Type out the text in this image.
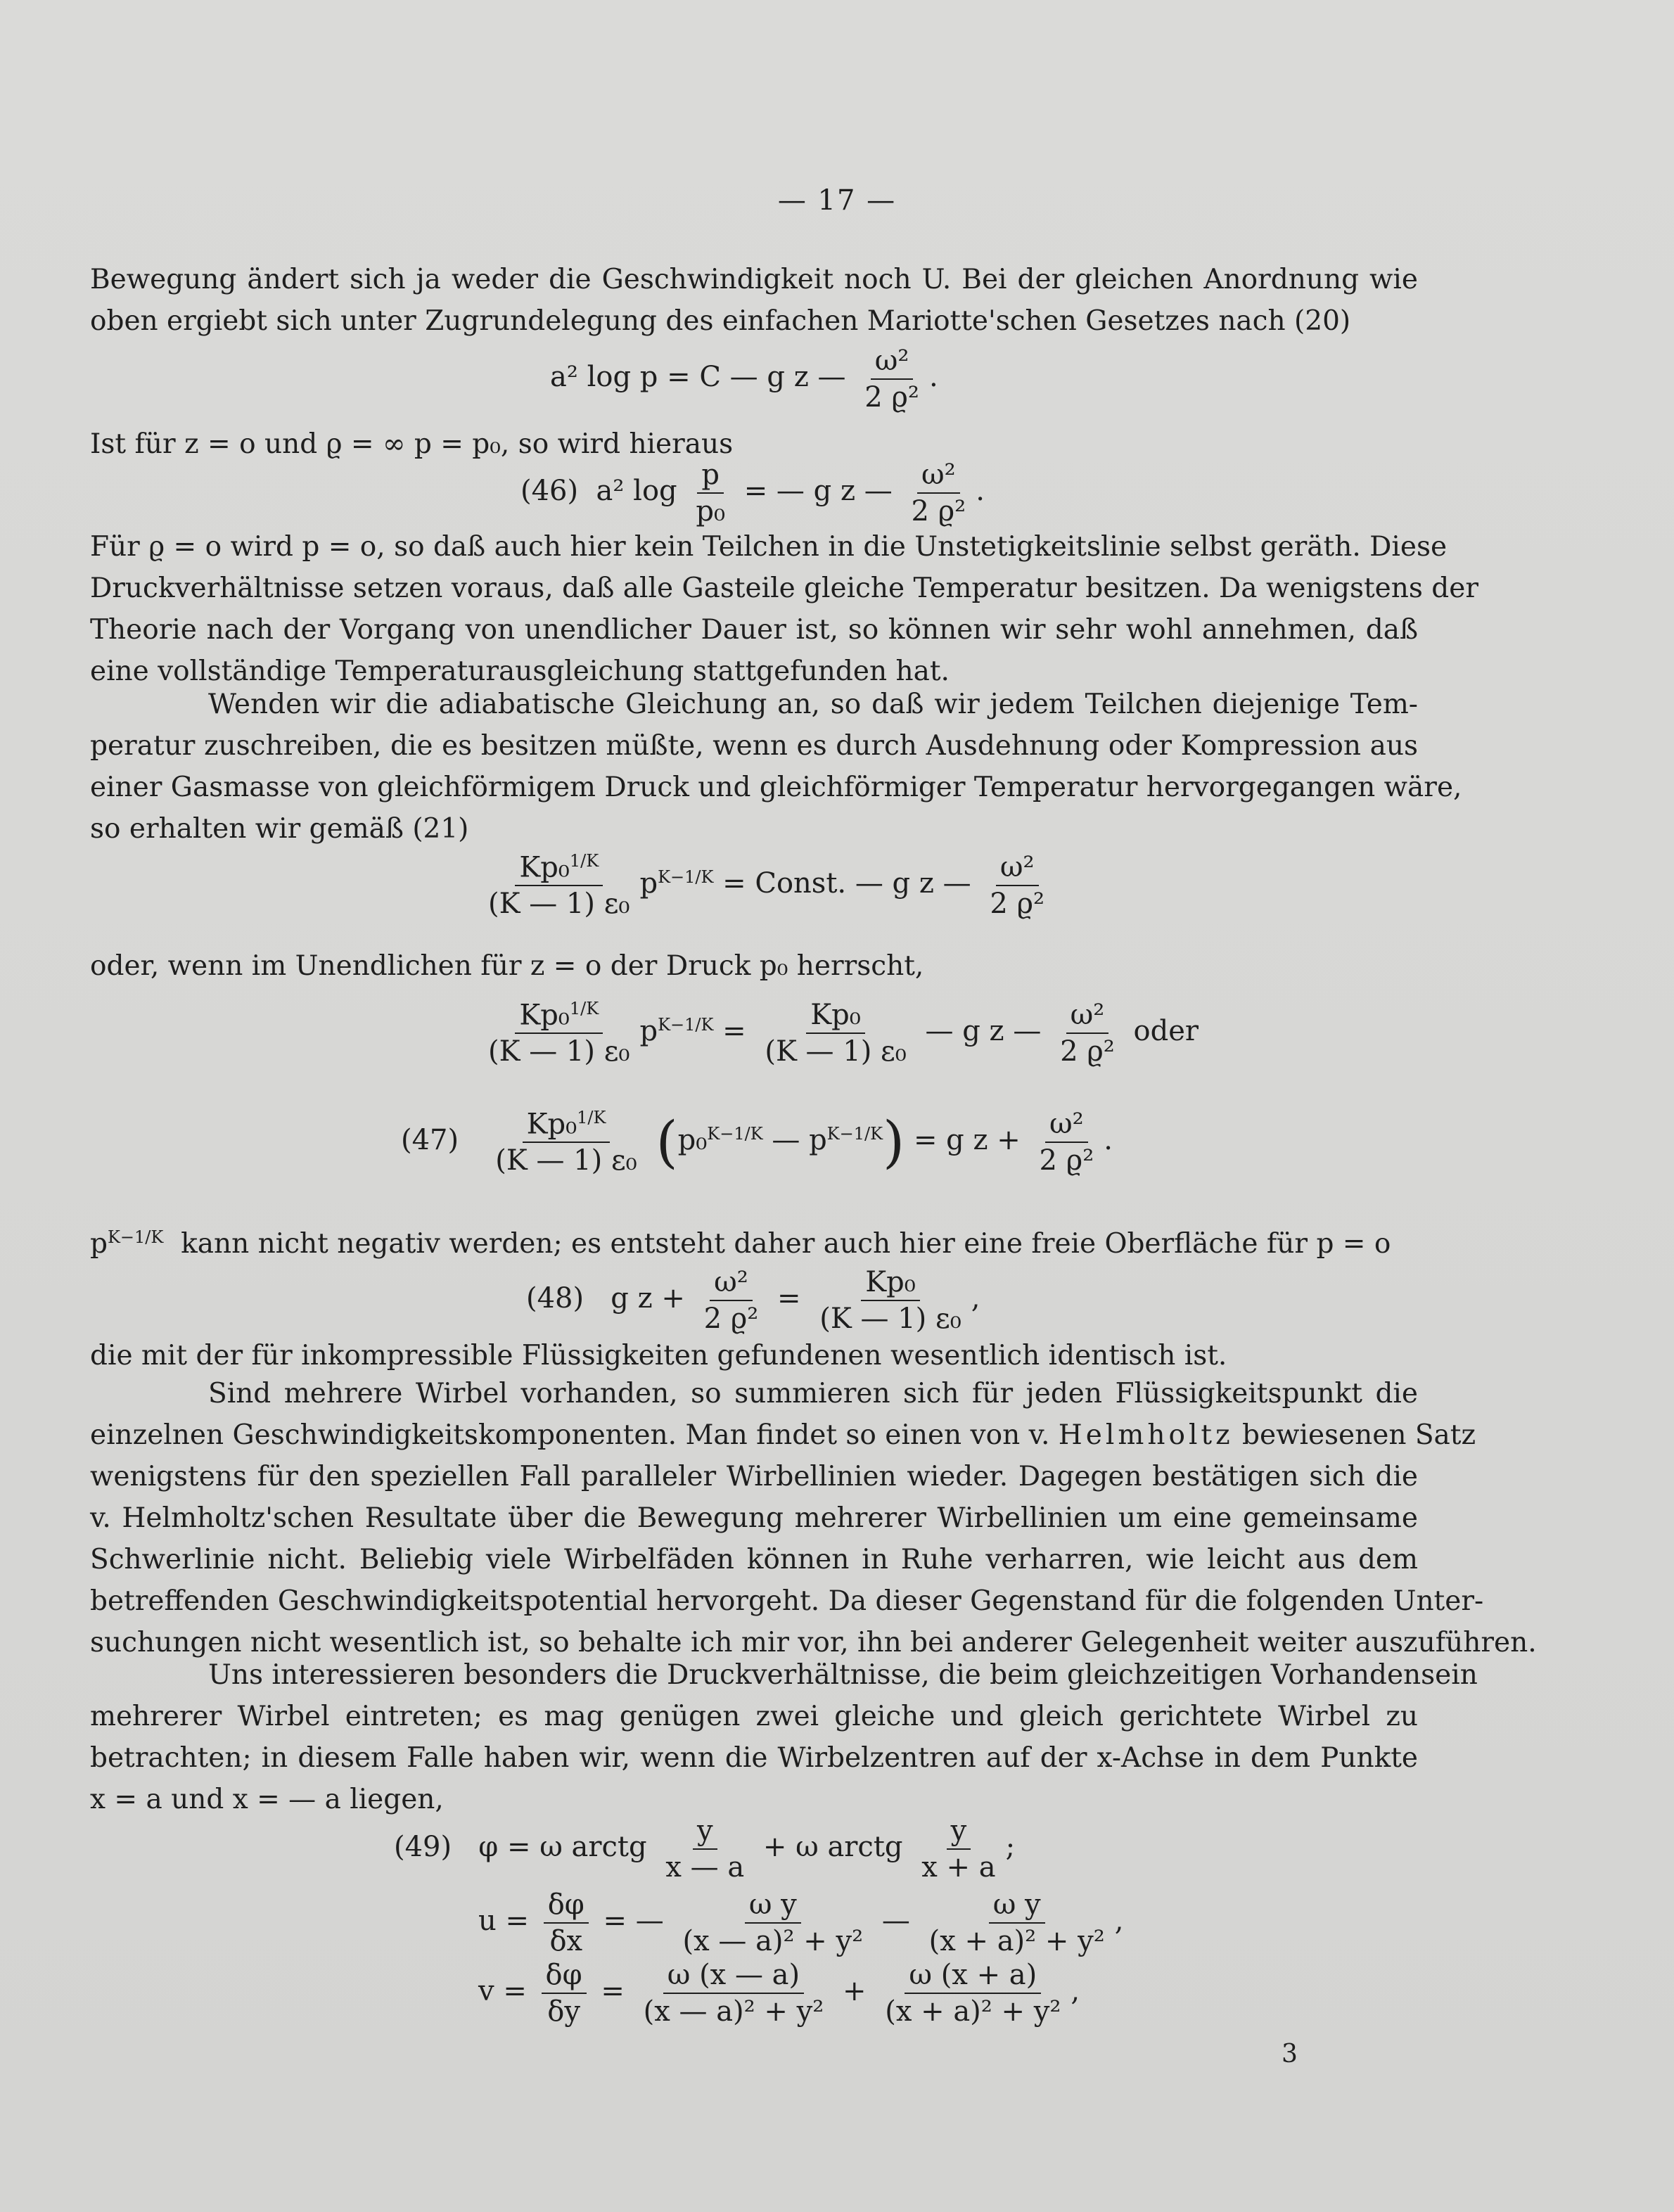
— 17 —
Bewegung ändert sich ja weder die Geschwindigkeit noch U. Bei der gleichen Anordnung wie
oben ergiebt sich unter Zugrundelegung des einfachen Mariotte'schen Gesetzes nach (20)
a² log p = C — g z — $\frac{\text{ω²}}{\text{2 ϱ²}}$ .
Ist für z = o und ϱ = ∞ p = p₀, so wird hieraus
(46) a² $\log \frac{p}{\text{p₀}}$ = — g z — $\frac{\text{ω²}}{\text{2 ϱ²}}$ .
Für ϱ = o wird p = o, so daß auch hier kein Teilchen in die Unstetigkeitslinie selbst geräth. Diese
Druckverhältnisse setzen voraus, daß alle Gasteile gleiche Temperatur besitzen. Da wenigstens der
Theorie nach der Vorgang von unendlicher Dauer ist, so können wir sehr wohl annehmen, daß
eine vollständige Temperaturausgleichung stattgefunden hat.
Wenden wir die adiabatische Gleichung an, so daß wir jedem Teilchen diejenige Tem-
peratur zuschreiben, die es besitzen müßte, wenn es durch Ausdehnung oder Kompression aus
einer Gasmasse von gleichförmigem Druck und gleichförmiger Temperatur hervorgegangen wäre,
so erhalten wir gemäß (21)
$\frac{Kp_0^{1/K}}{\text{(K — 1) ε₀}} p^{K-1/K}$ = Const. — g z — $\frac{\text{ω²}}{\text{2 ϱ²}}$
oder, wenn im Unendlichen für z = o der Druck p₀ herrscht,
$\frac{Kp_0^{1/K}}{\text{(K — 1) ε₀}} p^{K-1/K} = \frac{\text{Kp₀}}{\text{(K — 1) ε₀}}$ — g z — $\frac{\text{ω²}}{\text{2 ϱ²}}$ oder
$(47) \frac{Kp_0^{1/K}}{\text{(K — 1) ε₀}} (p_0^{K-1/K}$ — $p^{K-1/K}) = g$ $z + \frac{\text{ω²}}{\text{2 ϱ²}}$ .
$p^{K-1/K}$ kann nicht negativ werden; es entsteht daher auch hier eine freie Oberfläche für p = o
(48) g $z + \frac{\text{ω²}}{\text{2 ϱ²}} = \frac{\text{Kp₀}}{\text{(K — 1) ε₀}}$ ,
die mit der für inkompressible Flüssigkeiten gefundenen wesentlich identisch ist.
Sind mehrere Wirbel vorhanden, so summieren sich für jeden Flüssigkeitspunkt die
einzelnen Geschwindigkeitskomponenten. Man findet so einen von v. Helmholtz bewiesenen Satz
wenigstens für den speziellen Fall paralleler Wirbellinien wieder. Dagegen bestätigen sich die
v. Helmholtz'schen Resultate über die Bewegung mehrerer Wirbellinien um eine gemeinsame
Schwerlinie nicht. Beliebig viele Wirbelfäden können in Ruhe verharren, wie leicht aus dem
betreffenden Geschwindigkeitspotential hervorgeht. Da dieser Gegenstand für die folgenden Unter-
suchungen nicht wesentlich ist, so behalte ich mir vor, ihn bei anderer Gelegenheit weiter auszuführen.
Uns interessieren besonders die Druckverhältnisse, die beim gleichzeitigen Vorhandensein
mehrerer Wirbel eintreten; es mag genügen zwei gleiche und gleich gerichtete Wirbel zu
betrachten; in diesem Falle haben wir, wenn die Wirbelzentren auf der x-Achse in dem Punkte
x = a und x = — a liegen,
(49) φ = ω arctg $\frac{y}{x — a} + \omega$ arctg $\frac{y}{x + a}$ ;
$u = \frac{\delta\varphi}{\delta x}$ = — $\frac{\text{ω y}}{\text{(x — a)² + y²}}$ — $\frac{\text{ω y}}{\text{(x + a)² + y²}}$ ,
$v = \frac{\delta\varphi}{\delta y} = \frac{\omega (x — a)}{\text{(x — a)² + y²}} + \frac{\omega (x + a)}{\text{(x + a)² + y²}}$ ,
3
